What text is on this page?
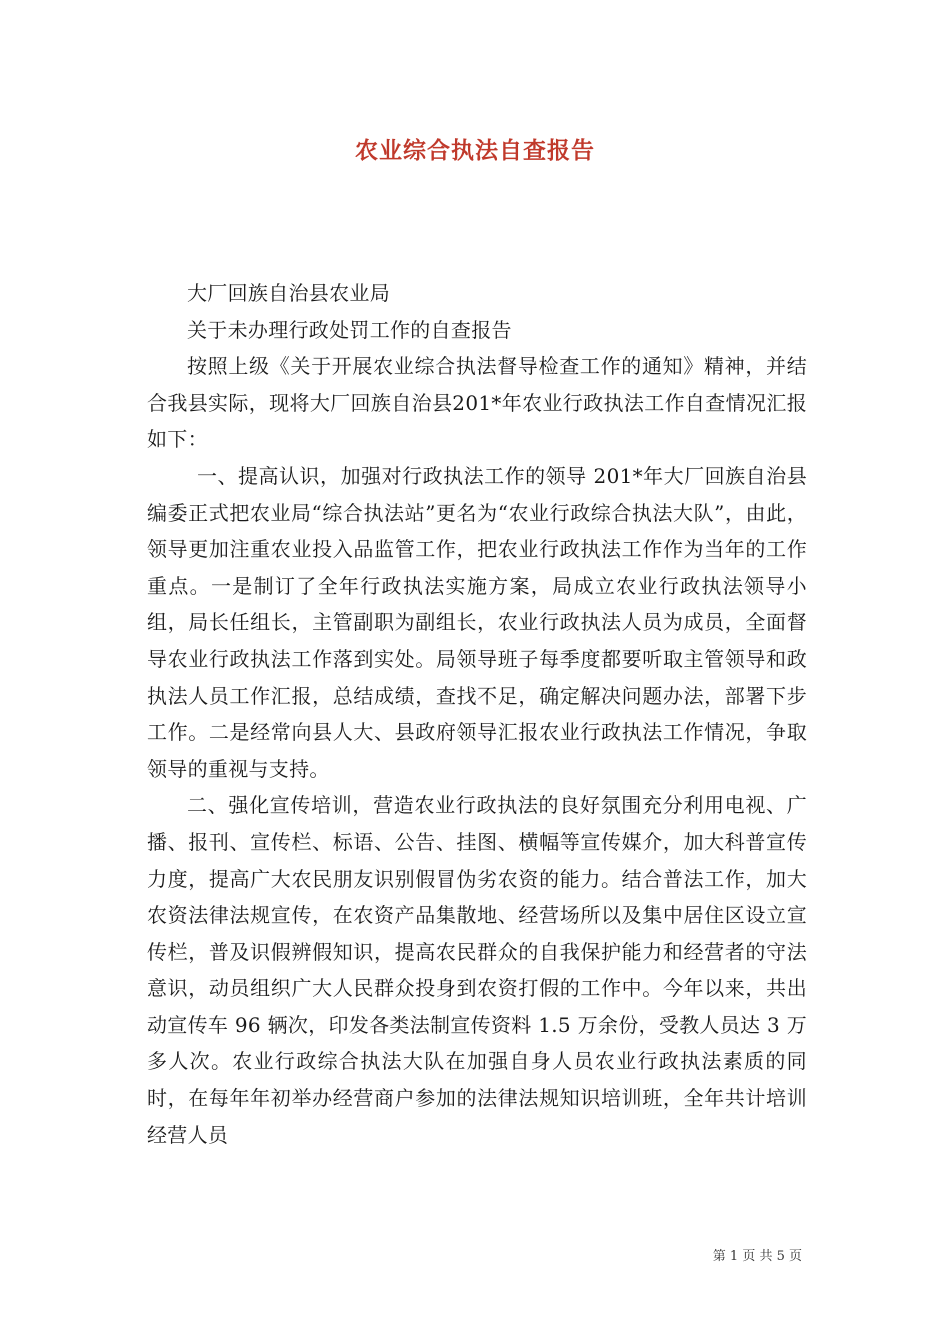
农业综合执法自查报告

大厂回族自治县农业局

关于未办理行政处罚工作的自查报告

按照上级《关于开展农业综合执法督导检查工作的通知》精神，并结合我县实际，现将大厂回族自治县201*年农业行政执法工作自查情况汇报如下：

一、提高认识，加强对行政执法工作的领导 201*年大厂回族自治县编委正式把农业局“综合执法站”更名为“农业行政综合执法大队”，由此，领导更加注重农业投入品监管工作，把农业行政执法工作作为当年的工作重点。一是制订了全年行政执法实施方案，局成立农业行政执法领导小组，局长任组长，主管副职为副组长，农业行政执法人员为成员，全面督导农业行政执法工作落到实处。局领导班子每季度都要听取主管领导和政执法人员工作汇报，总结成绩，查找不足，确定解决问题办法，部署下步工作。二是经常向县人大、县政府领导汇报农业行政执法工作情况，争取领导的重视与支持。

二、强化宣传培训，营造农业行政执法的良好氛围充分利用电视、广播、报刊、宣传栏、标语、公告、挂图、横幅等宣传媒介，加大科普宣传力度，提高广大农民朋友识别假冒伪劣农资的能力。结合普法工作，加大农资法律法规宣传，在农资产品集散地、经营场所以及集中居住区设立宣传栏，普及识假辨假知识，提高农民群众的自我保护能力和经营者的守法意识，动员组织广大人民群众投身到农资打假的工作中。今年以来，共出动宣传车 96 辆次，印发各类法制宣传资料 1.5 万余份，受教人员达 3 万多人次。农业行政综合执法大队在加强自身人员农业行政执法素质的同时，在每年年初举办经营商户参加的法律法规知识培训班，全年共计培训经营人员

第 1 页 共 5 页
